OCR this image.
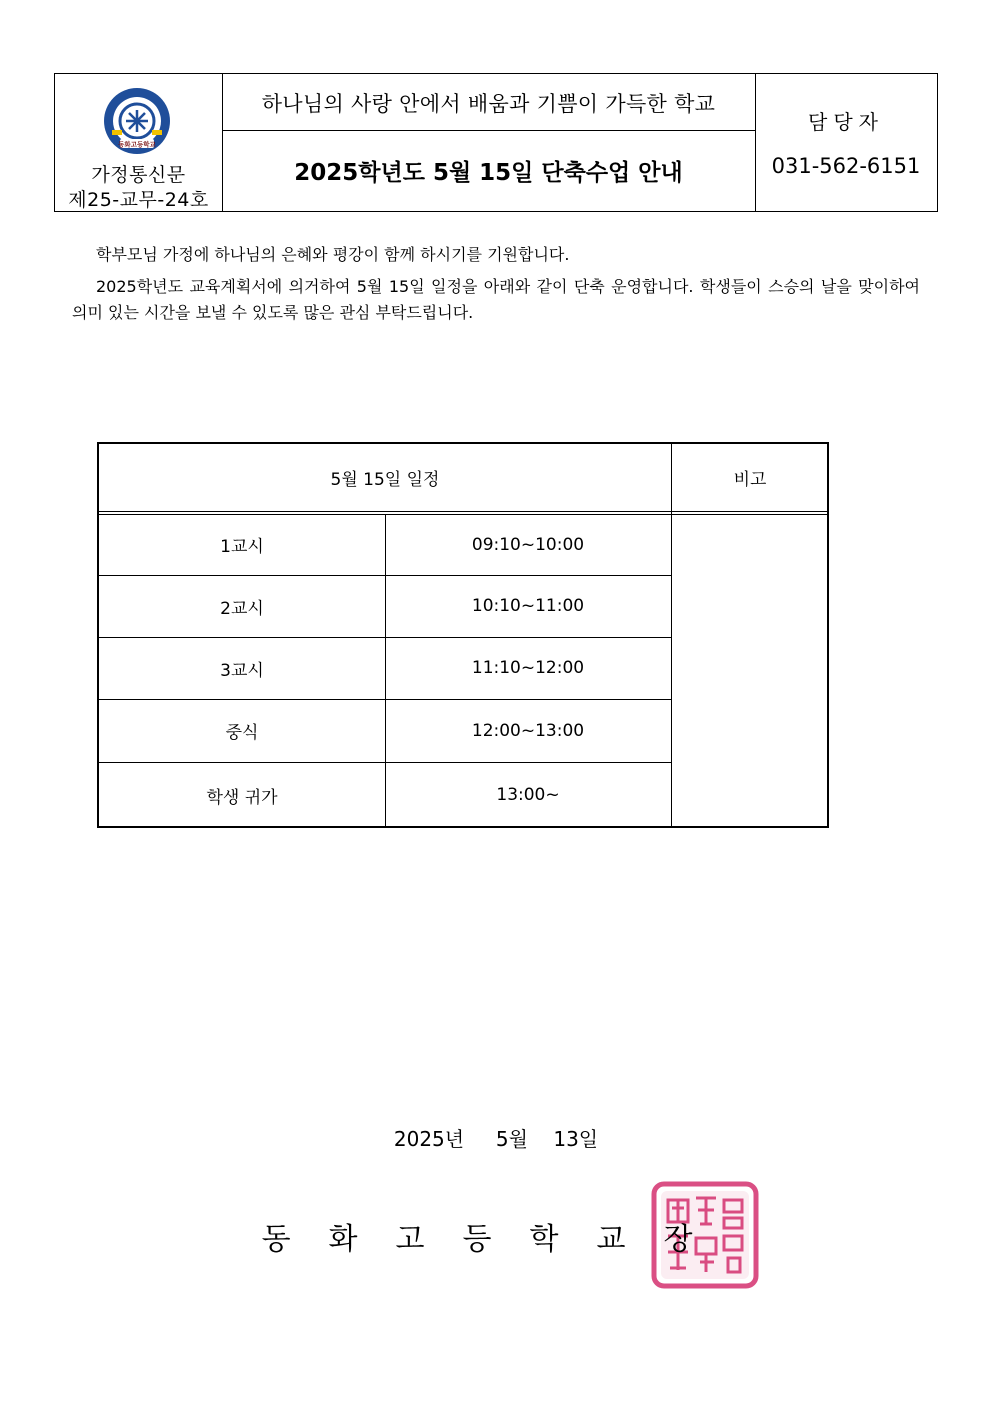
동화고등학교
가정통신문
제25-교무-24호
하나님의 사랑 안에서 배움과 기쁨이 가득한 학교
2025학년도 5월 15일 단축수업 안내
담당자
031-562-6151
학부모님 가정에 하나님의 은혜와 평강이 함께 하시기를 기원합니다.
2025학년도 교육계획서에 의거하여 5월 15일 일정을 아래와 같이 단축 운영합니다. 학생들이 스승의 날을 맞이하여 의미 있는 시간을 보낼 수 있도록 많은 관심 부탁드립니다.
5월 15일 일정	비고
1교시	09:10~10:00
2교시	10:10~11:00
3교시	11:10~12:00
중식	12:00~13:00
학생 귀가	13:00~
2025년     5월    13일
동화고등학교장
